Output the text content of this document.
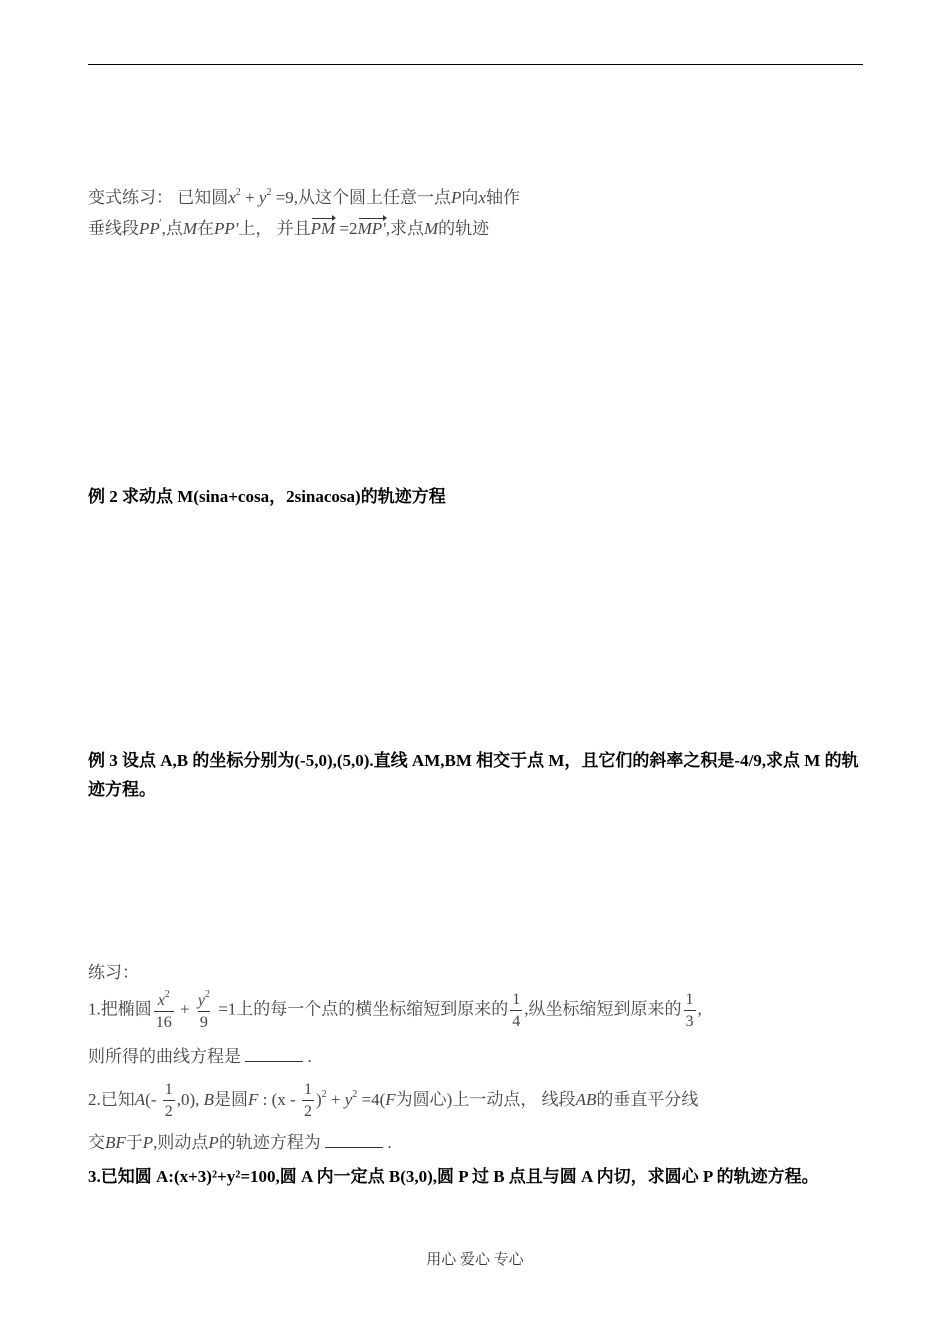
变式练习： 已知圆$x^2 + y^2 =9$,从这个圆上任意一点P向x轴作
垂线段PP',点M在PP'上， 并且PM =2MP',求点M的轨迹
例 2 求动点 M(sina+cosa，2sinacosa)的轨迹方程
例 3 设点 A,B 的坐标分别为(-5,0),(5,0).直线 AM,BM 相交于点 M，且它们的斜率之积是-4/9,求点 M 的轨迹方程。
练习：
1.把椭圆 $\frac{x^2}{16} + \frac{y^2}{9} =1$上的每一个点的横坐标缩短到原来的 $\frac{1}{4}$ ,纵坐标缩短到原来的 $\frac{1}{3}$ ,
则所得的曲线方程是	.
2.已知$A(- \frac{1}{2} ,0)$, B是圆F : $(x - \frac{1}{2} )^2 + y^2 =4(F$为圆心)上一动点， 线段AB的垂直平分线
交BF于P,则动点P的轨迹方程为	.
3.已知圆 A:(x+3)²+y²=100,圆 A 内一定点 B(3,0),圆 P 过 B 点且与圆 A 内切，求圆心 P 的轨迹方程。
用心 爱心 专心
